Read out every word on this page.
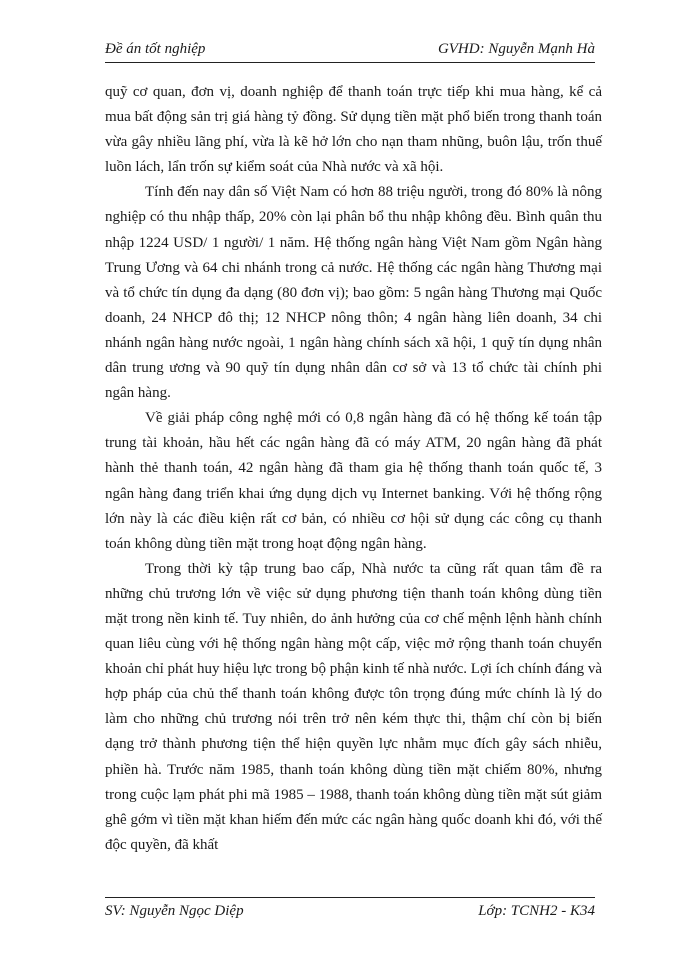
Đề án tốt nghiệp	GVHD: Nguyễn Mạnh Hà

quỹ cơ quan, đơn vị, doanh nghiệp để thanh toán trực tiếp khi mua hàng, kể cả mua bất động sản trị giá hàng tỷ đồng. Sử dụng tiền mặt phổ biến trong thanh toán vừa gây nhiều lãng phí, vừa là kẽ hở lớn cho nạn tham nhũng, buôn lậu, trốn thuế luồn lách, lẩn trốn sự kiểm soát của Nhà nước và xã hội.

Tính đến nay dân số Việt Nam có hơn 88 triệu người, trong đó 80% là nông nghiệp có thu nhập thấp, 20% còn lại phân bổ thu nhập không đều. Bình quân thu nhập 1224 USD/ 1 người/ 1 năm. Hệ thống ngân hàng Việt Nam gồm Ngân hàng Trung Ương và 64 chi nhánh trong cả nước. Hệ thống các ngân hàng Thương mại và tổ chức tín dụng đa dạng (80 đơn vị); bao gồm: 5 ngân hàng Thương mại Quốc doanh, 24 NHCP đô thị; 12 NHCP nông thôn; 4 ngân hàng liên doanh, 34 chi nhánh ngân hàng nước ngoài, 1 ngân hàng chính sách xã hội, 1 quỹ tín dụng nhân dân trung ương và 90 quỹ tín dụng nhân dân cơ sở và 13 tổ chức tài chính phi ngân hàng.

Về giải pháp công nghệ mới có 0,8 ngân hàng đã có hệ thống kế toán tập trung tài khoản, hầu hết các ngân hàng đã có máy ATM, 20 ngân hàng đã phát hành thẻ thanh toán, 42 ngân hàng đã tham gia hệ thống thanh toán quốc tế, 3 ngân hàng đang triển khai ứng dụng dịch vụ Internet banking. Với hệ thống rộng lớn này là các điều kiện rất cơ bản, có nhiều cơ hội sử dụng các công cụ thanh toán không dùng tiền mặt trong hoạt động ngân hàng.

Trong thời kỳ tập trung bao cấp, Nhà nước ta cũng rất quan tâm đề ra những chủ trương lớn về việc sử dụng phương tiện thanh toán không dùng tiền mặt trong nền kinh tế. Tuy nhiên, do ảnh hưởng của cơ chế mệnh lệnh hành chính quan liêu cùng với hệ thống ngân hàng một cấp, việc mở rộng thanh toán chuyển khoản chỉ phát huy hiệu lực trong bộ phận kinh tế nhà nước. Lợi ích chính đáng và hợp pháp của chủ thể thanh toán không được tôn trọng đúng mức chính là lý do làm cho những chủ trương nói trên trở nên kém thực thi, thậm chí còn bị biến dạng trở thành phương tiện thể hiện quyền lực nhằm mục đích gây sách nhiễu, phiền hà. Trước năm 1985, thanh toán không dùng tiền mặt chiếm 80%, nhưng trong cuộc lạm phát phi mã 1985 – 1988, thanh toán không dùng tiền mặt sút giảm ghê gớm vì tiền mặt khan hiếm đến mức các ngân hàng quốc doanh khi đó, với thế độc quyền, đã khất

SV: Nguyễn Ngọc Diệp	Lớp: TCNH2 - K34
